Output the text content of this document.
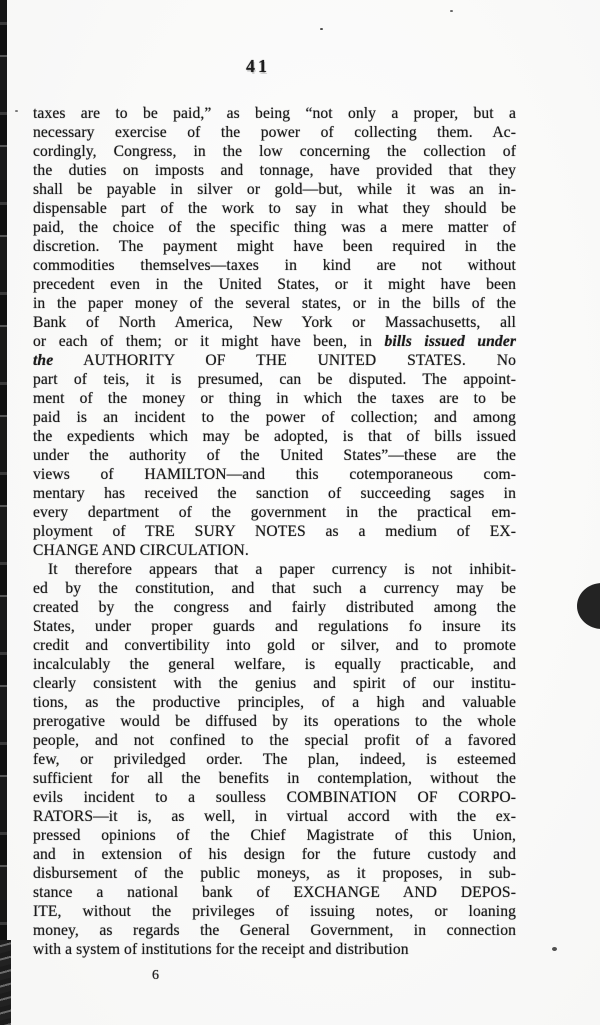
41
taxes are to be paid,” as being “not only a proper, but a
necessary exercise of the power of collecting them. Ac-
cordingly, Congress, in the low concerning the collection of
the duties on imposts and tonnage, have provided that they
shall be payable in silver or gold—but, while it was an in-
dispensable part of the work to say in what they should be
paid, the choice of the specific thing was a mere matter of
discretion. The payment might have been required in the
commodities themselves—taxes in kind are not without
precedent even in the United States, or it might have been
in the paper money of the several states, or in the bills of the
Bank of North America, New York or Massachusetts, all
or each of them; or it might have been, in bills issued under
the AUTHORITY OF THE UNITED STATES. No
part of teis, it is presumed, can be disputed. The appoint-
ment of the money or thing in which the taxes are to be
paid is an incident to the power of collection; and among
the expedients which may be adopted, is that of bills issued
under the authority of the United States”—these are the
views of HAMILTON—and this cotemporaneous com-
mentary has received the sanction of succeeding sages in
every department of the government in the practical em-
ployment of TRE SURY NOTES as a medium of EX-
CHANGE AND CIRCULATION.
It therefore appears that a paper currency is not inhibit-
ed by the constitution, and that such a currency may be
created by the congress and fairly distributed among the
States, under proper guards and regulations fo insure its
credit and convertibility into gold or silver, and to promote
incalculably the general welfare, is equally practicable, and
clearly consistent with the genius and spirit of our institu-
tions, as the productive principles, of a high and valuable
prerogative would be diffused by its operations to the whole
people, and not confined to the special profit of a favored
few, or priviledged order. The plan, indeed, is esteemed
sufficient for all the benefits in contemplation, without the
evils incident to a soulless COMBINATION OF CORPO-
RATORS—it is, as well, in virtual accord with the ex-
pressed opinions of the Chief Magistrate of this Union,
and in extension of his design for the future custody and
disbursement of the public moneys, as it proposes, in sub-
stance a national bank of EXCHANGE AND DEPOS-
ITE, without the privileges of issuing notes, or loaning
money, as regards the General Government, in connection
with a system of institutions for the receipt and distribution
6
